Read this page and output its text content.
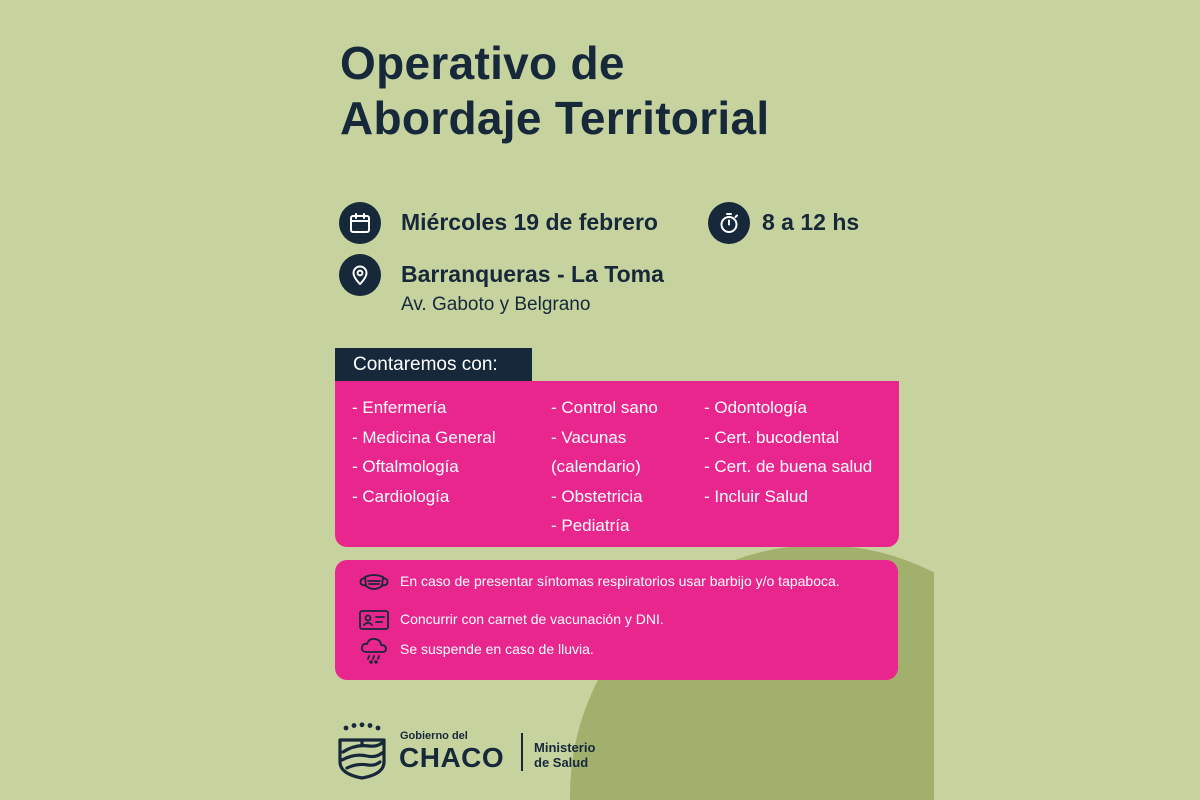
Operativo de
Abordaje Territorial
Miércoles 19 de febrero	8 a 12 hs
Barranqueras - La Toma
Av. Gaboto y Belgrano
Contaremos con:
- Enfermería
- Medicina General
- Oftalmología
- Cardiología
- Control sano
- Vacunas
(calendario)
- Obstetricia
- Pediatría
- Odontología
- Cert. bucodental
- Cert. de buena salud
- Incluir Salud
En caso de presentar síntomas respiratorios usar barbijo y/o tapaboca.
Concurrir con carnet de vacunación y DNI.
Se suspende en caso de lluvia.
Gobierno del
CHACO Ministerio
de Salud
